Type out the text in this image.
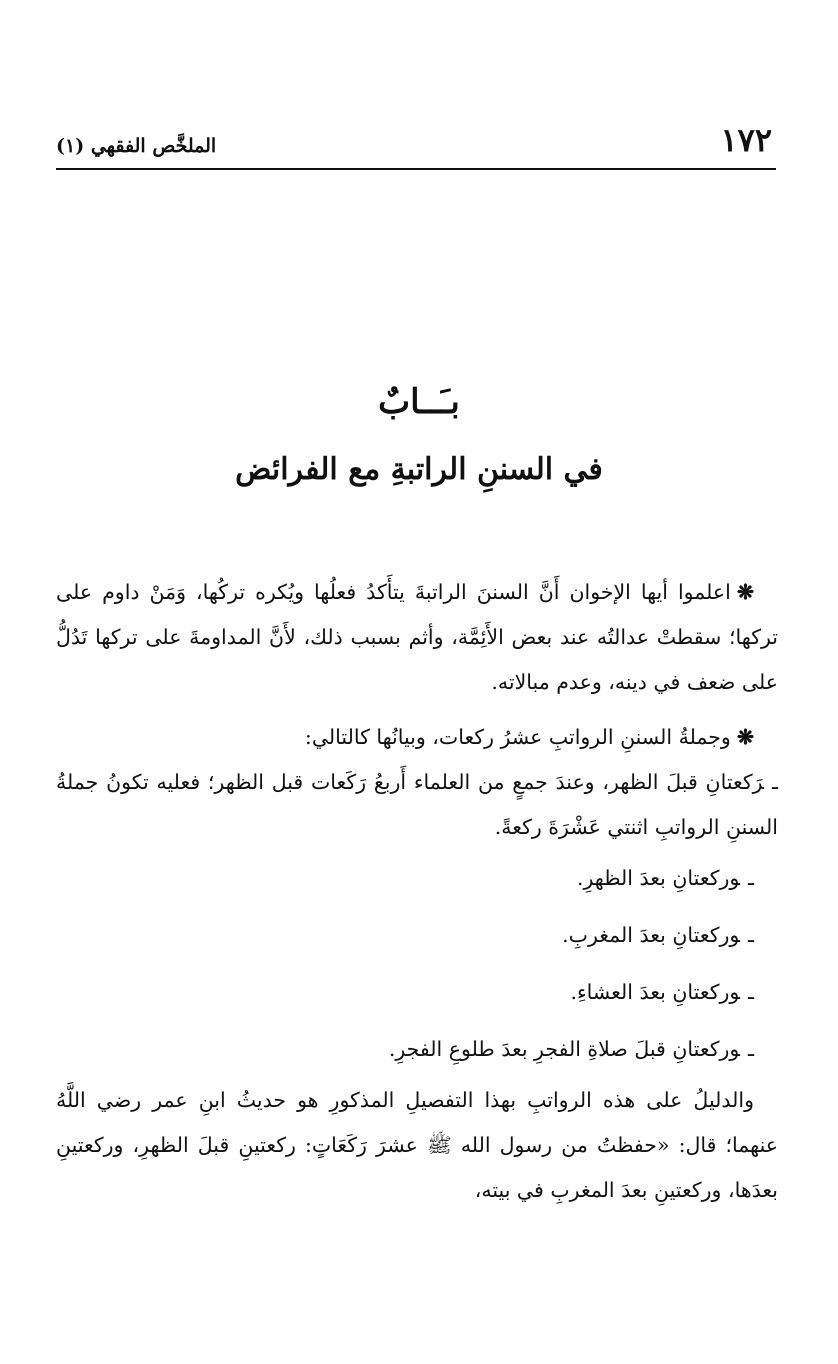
١٧٢
الملخَّص الفقهي (١)
بـَــابٌ
في السننِ الراتبةِ مع الفرائض

❋اعلموا أيها الإخوان أَنَّ السننَ الراتبةَ يتأَكدُ فعلُها ويُكره تركُها، وَمَنْ داوم على تركها؛ سقطتْ عدالتُه عند بعض الأَئِمَّة، وأثم بسبب ذلك، لأَنَّ المداومةَ على تركها تَدُلُّ على ضعف في دينه، وعدم مبالاته.

❋وجملةُ السننِ الرواتبِ عشرُ ركعات، وبيانُها كالتالي:

ـرَكعتانِ قبلَ الظهر، وعندَ جمعٍ من العلماء أَربعُ رَكَعات قبل الظهر؛ فعليه تكونُ جملةُ السننِ الرواتبِ اثنتي عَشْرَةَ ركعةً.

ـوركعتانِ بعدَ الظهرِ.

ـوركعتانِ بعدَ المغربِ.

ـوركعتانِ بعدَ العشاءِ.

ـوركعتانِ قبلَ صلاةِ الفجرِ بعدَ طلوعِ الفجرِ.

والدليلُ على هذه الرواتبِ بهذا التفصيلِ المذكورِ هو حديثُ ابنِ عمر رضي اللَّهُ عنهما؛ قال: «حفظتُ من رسول الله ﷺ عشرَ رَكَعَاتٍ: ركعتينِ قبلَ الظهرِ، وركعتينِ بعدَها، وركعتينِ بعدَ المغربِ في بيته،
